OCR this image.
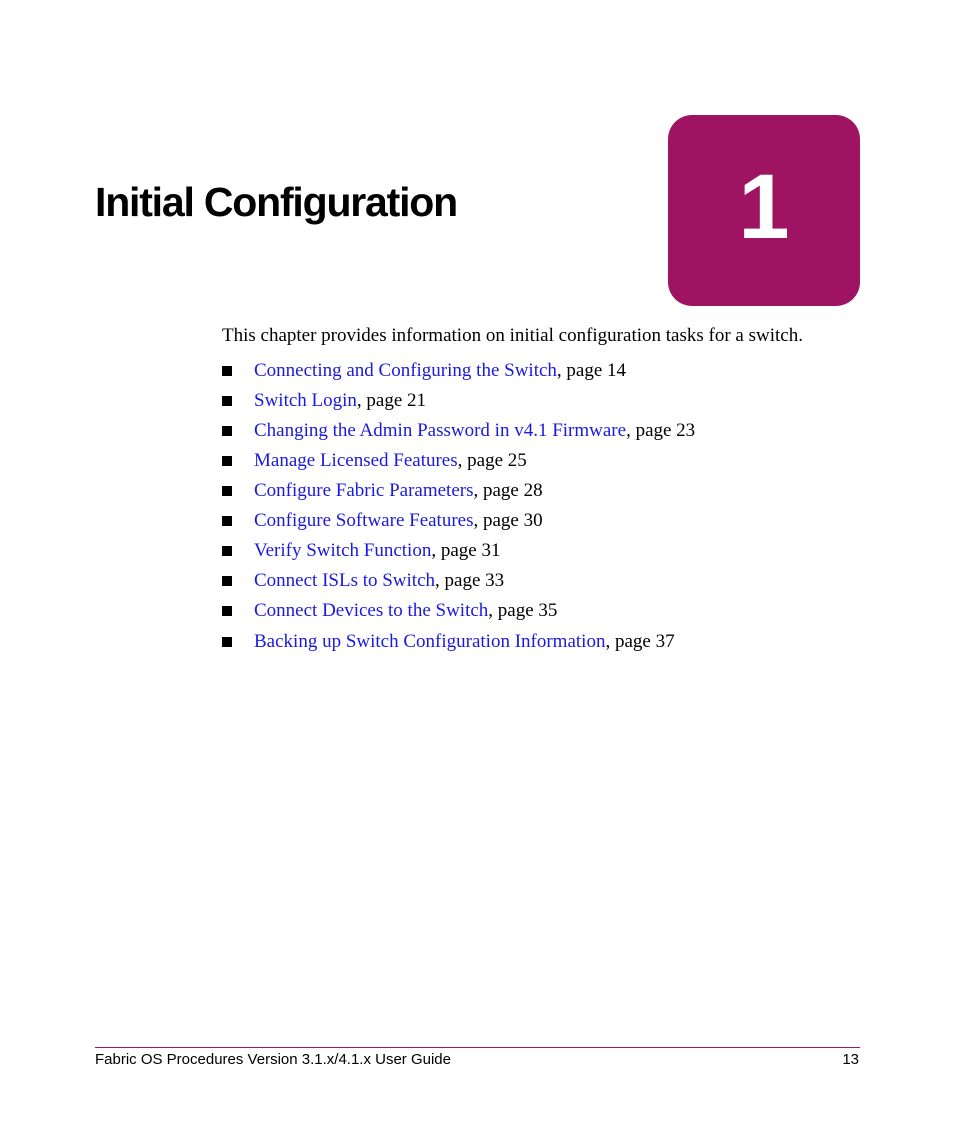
Initial Configuration	1

This chapter provides information on initial configuration tasks for a switch.

Connecting and Configuring the Switch , page 14
Switch Login , page 21
Changing the Admin Password in v4.1 Firmware , page 23
Manage Licensed Features , page 25
Configure Fabric Parameters , page 28
Configure Software Features , page 30
Verify Switch Function , page 31
Connect ISLs to Switch , page 33
Connect Devices to the Switch , page 35
Backing up Switch Configuration Information , page 37
Fabric OS Procedures Version 3.1.x/4.1.x User Guide	13
